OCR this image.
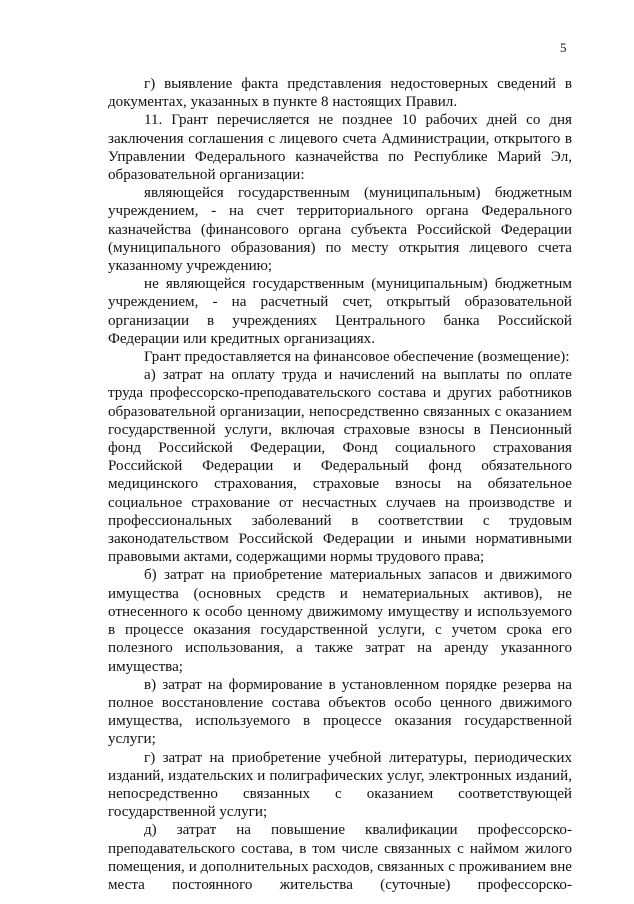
5

г) выявление факта представления недостоверных сведений в документах, указанных в пункте 8 настоящих Правил.

11. Грант перечисляется не позднее 10 рабочих дней со дня заключения соглашения с лицевого счета Администрации, открытого в Управлении Федерального казначейства по Республике Марий Эл, образовательной организации:

являющейся государственным (муниципальным) бюджетным учреждением, - на счет территориального органа Федерального казначейства (финансового органа субъекта Российской Федерации (муниципального образования) по месту открытия лицевого счета указанному учреждению;

не являющейся государственным (муниципальным) бюджетным учреждением, - на расчетный счет, открытый образовательной организации в учреждениях Центрального банка Российской Федерации или кредитных организациях.

Грант предоставляется на финансовое обеспечение (возмещение):

а) затрат на оплату труда и начислений на выплаты по оплате труда профессорско-преподавательского состава и других работников образовательной организации, непосредственно связанных с оказанием государственной услуги, включая страховые взносы в Пенсионный фонд Российской Федерации, Фонд социального страхования Российской Федерации и Федеральный фонд обязательного медицинского страхования, страховые взносы на обязательное социальное страхование от несчастных случаев на производстве и профессиональных заболеваний в соответствии с трудовым законодательством Российской Федерации и иными нормативными правовыми актами, содержащими нормы трудового права;

б) затрат на приобретение материальных запасов и движимого имущества (основных средств и нематериальных активов), не отнесенного к особо ценному движимому имуществу и используемого в процессе оказания государственной услуги, с учетом срока его полезного использования, а также затрат на аренду указанного имущества;

в) затрат на формирование в установленном порядке резерва на полное восстановление состава объектов особо ценного движимого имущества, используемого в процессе оказания государственной услуги;

г) затрат на приобретение учебной литературы, периодических изданий, издательских и полиграфических услуг, электронных изданий, непосредственно связанных с оказанием соответствующей государственной услуги;

д) затрат на повышение квалификации профессорско-преподавательского состава, в том числе связанных с наймом жилого помещения, и дополнительных расходов, связанных с проживанием вне места постоянного жительства (суточные) профессорско-
